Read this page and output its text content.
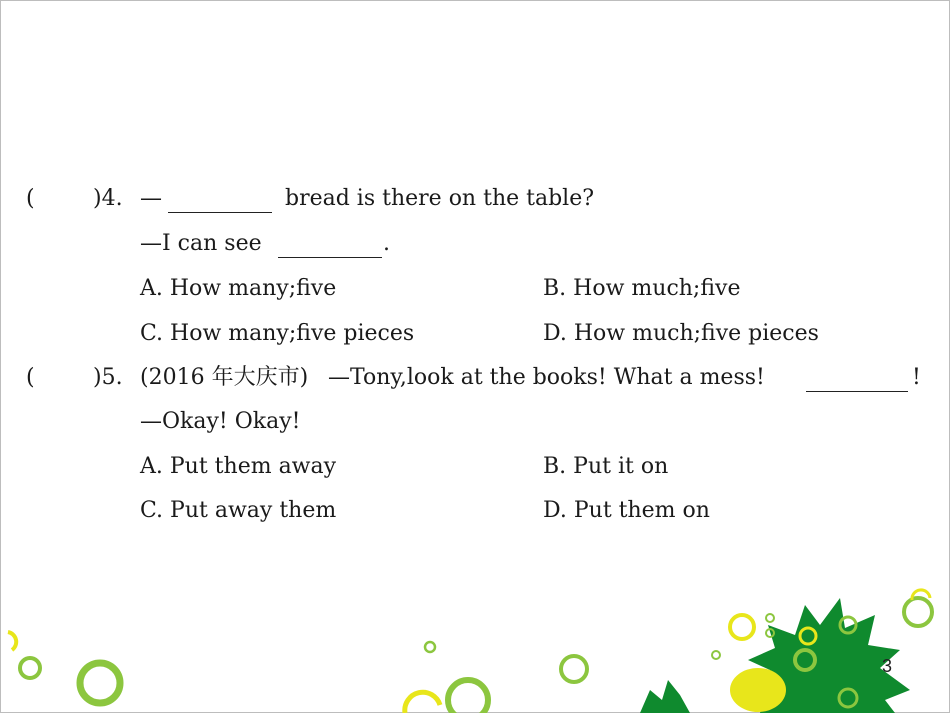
(	)4. —	bread is there on the table?
—I can see	.
A. How many;five	B. How much;five
C. How many;five pieces	D. How much;five pieces
(	)5. (2016 年大庆市) —Tony,look at the books! What a mess!	!
—Okay! Okay!
A. Put them away	B. Put it on
C. Put away them	D. Put them on
3
